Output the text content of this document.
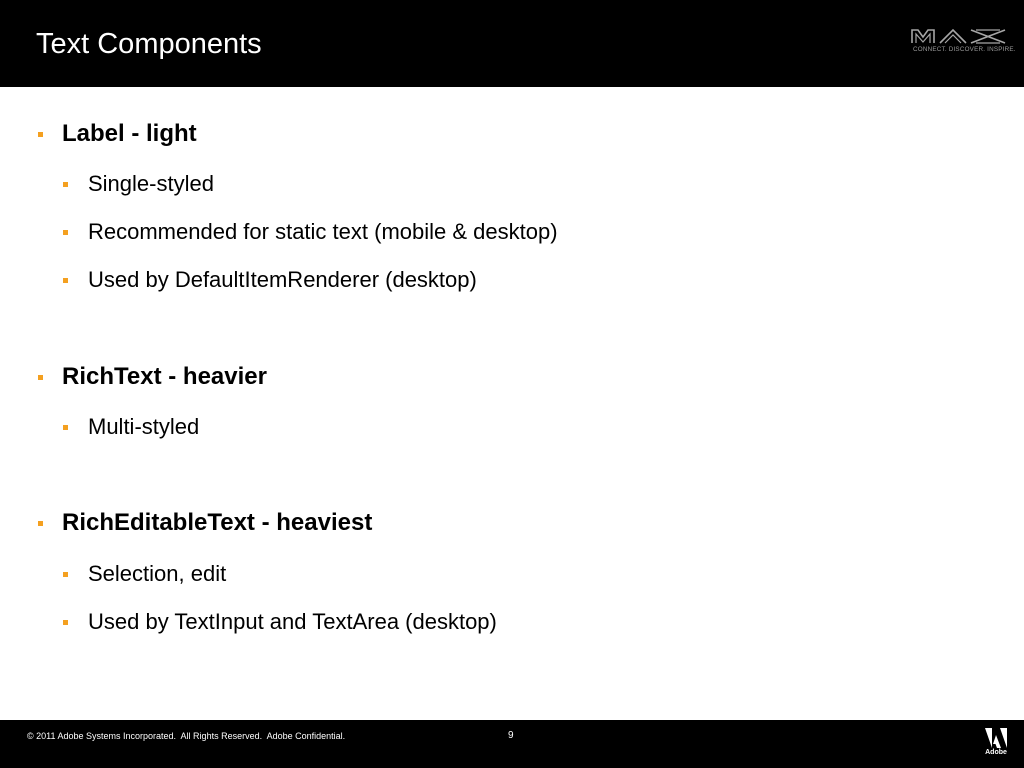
Text Components	CONNECT. DISCOVER. INSPIRE.
Label - light
Single-styled
Recommended for static text (mobile & desktop)
Used by DefaultItemRenderer (desktop)
RichText - heavier
Multi-styled
RichEditableText - heaviest
Selection, edit
Used by TextInput and TextArea (desktop)
© 2011 Adobe Systems Incorporated.  All Rights Reserved.  Adobe Confidential.	9
Adobe
